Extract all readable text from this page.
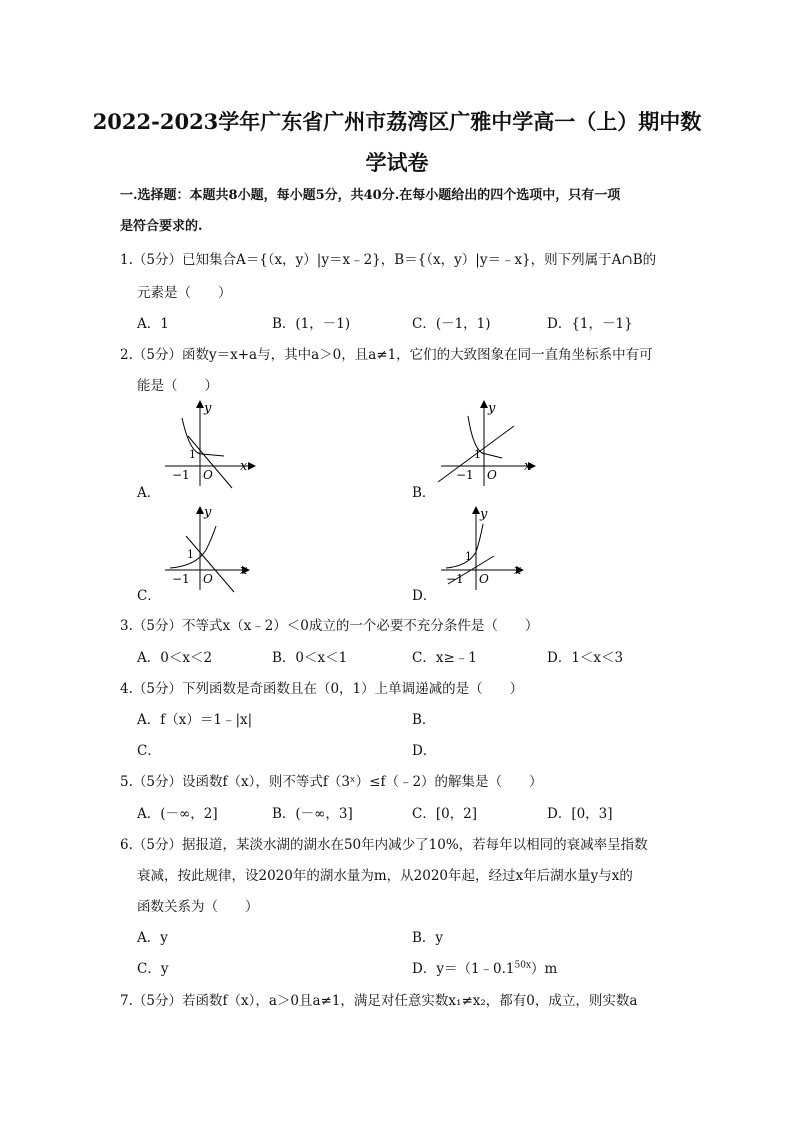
2022-2023学年广东省广州市荔湾区广雅中学高一（上）期中数
学试卷
一.选择题：本题共8小题，每小题5分，共40分.在每小题给出的四个选项中，只有一项
是符合要求的.
1.（5分）已知集合A＝{（x，y）|y＝x﹣2}，B＝{（x，y）|y＝﹣x}，则下列属于A∩B的
元素是（　　）
A．1	B．(1，－1)	C．(－1，1)	D．{1，－1}
2.（5分）函数y＝x+a与，其中a＞0，且a≠1，它们的大致图象在同一直角坐标系中有可
能是（　　）
A．	B．
C．	D．
y
x
1
−1 O
y
x
1
−1 O
y
x
1
−1 O
y
x
1
−1 O
3.（5分）不等式x（x﹣2）＜0成立的一个必要不充分条件是（　　）
A．0＜x＜2	B．0＜x＜1	C．x≥﹣1	D．1＜x＜3
4.（5分）下列函数是奇函数且在（0，1）上单调递减的是（　　）
A．f（x）＝1﹣|x|	B．
C．	D．
5.（5分）设函数f（x），则不等式f（3ˣ）≤f（﹣2）的解集是（　　）
A．(－∞，2]	B．(－∞，3]	C．[0，2]	D．[0，3]
6.（5分）据报道，某淡水湖的湖水在50年内减少了10%，若每年以相同的衰减率呈指数
衰减，按此规律，设2020年的湖水量为m，从2020年起，经过x年后湖水量y与x的
函数关系为（　　）
A．y	B．y
C．y	D．$y=(1﹣0.1^{50x})m$
7.（5分）若函数f（x），a＞0且a≠1，满足对任意实数x₁≠x₂，都有0，成立，则实数a
